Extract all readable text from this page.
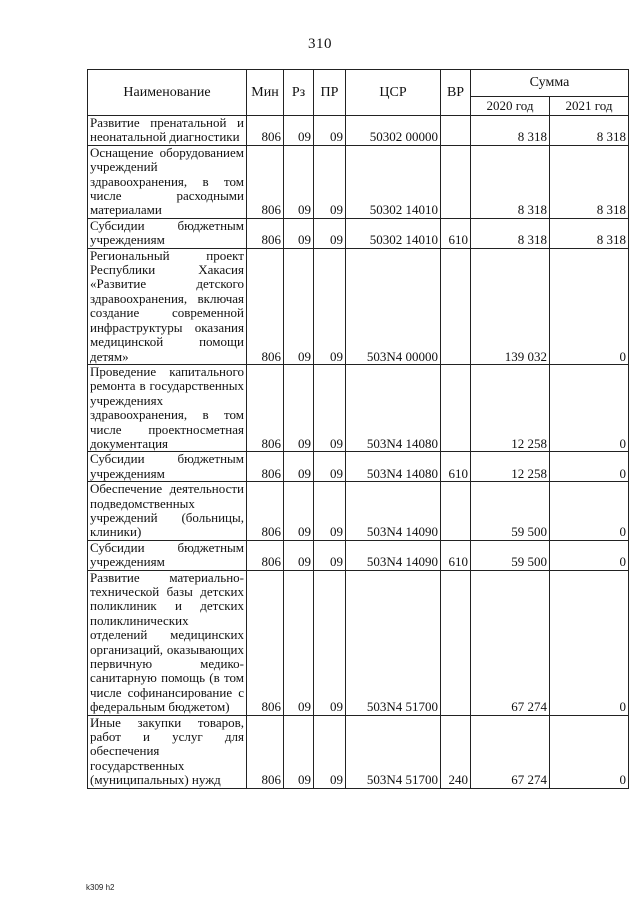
310
Наименование	Мин	Рз	ПР	ЦСР	ВР	Сумма	
						2020 год	2021 год
Развитие пренатальной и неонатальной диагностики	806	09	09	50302 00000		8 318	8 318
Оснащение оборудованием учреждений здравоохранения, в том числе расходными материалами	806	09	09	50302 14010		8 318	8 318
Субсидии бюджетным учреждениям	806	09	09	50302 14010	610	8 318	8 318
Региональный проект Республики Хакасия «Развитие детского здравоохранения, включая создание современной инфраструктуры оказания медицинской помощи детям»	806	09	09	503N4 00000		139 032	0
Проведение капитального ремонта в государственных учреждениях здравоохранения, в том числе проектносметная документация	806	09	09	503N4 14080		12 258	0
Субсидии бюджетным учреждениям	806	09	09	503N4 14080	610	12 258	0
Обеспечение деятельности подведомственных учреждений (больницы, клиники)	806	09	09	503N4 14090		59 500	0
Субсидии бюджетным учреждениям	806	09	09	503N4 14090	610	59 500	0
Развитие материально-технической базы детских поликлиник и детских поликлинических отделений медицинских организаций, оказывающих первичную медико-санитарную помощь (в том числе софинансирование с федеральным бюджетом)	806	09	09	503N4 51700		67 274	0
Иные закупки товаров, работ и услуг для обеспечения государственных (муниципальных) нужд	806	09	09	503N4 51700	240	67 274	0
k309 h2
